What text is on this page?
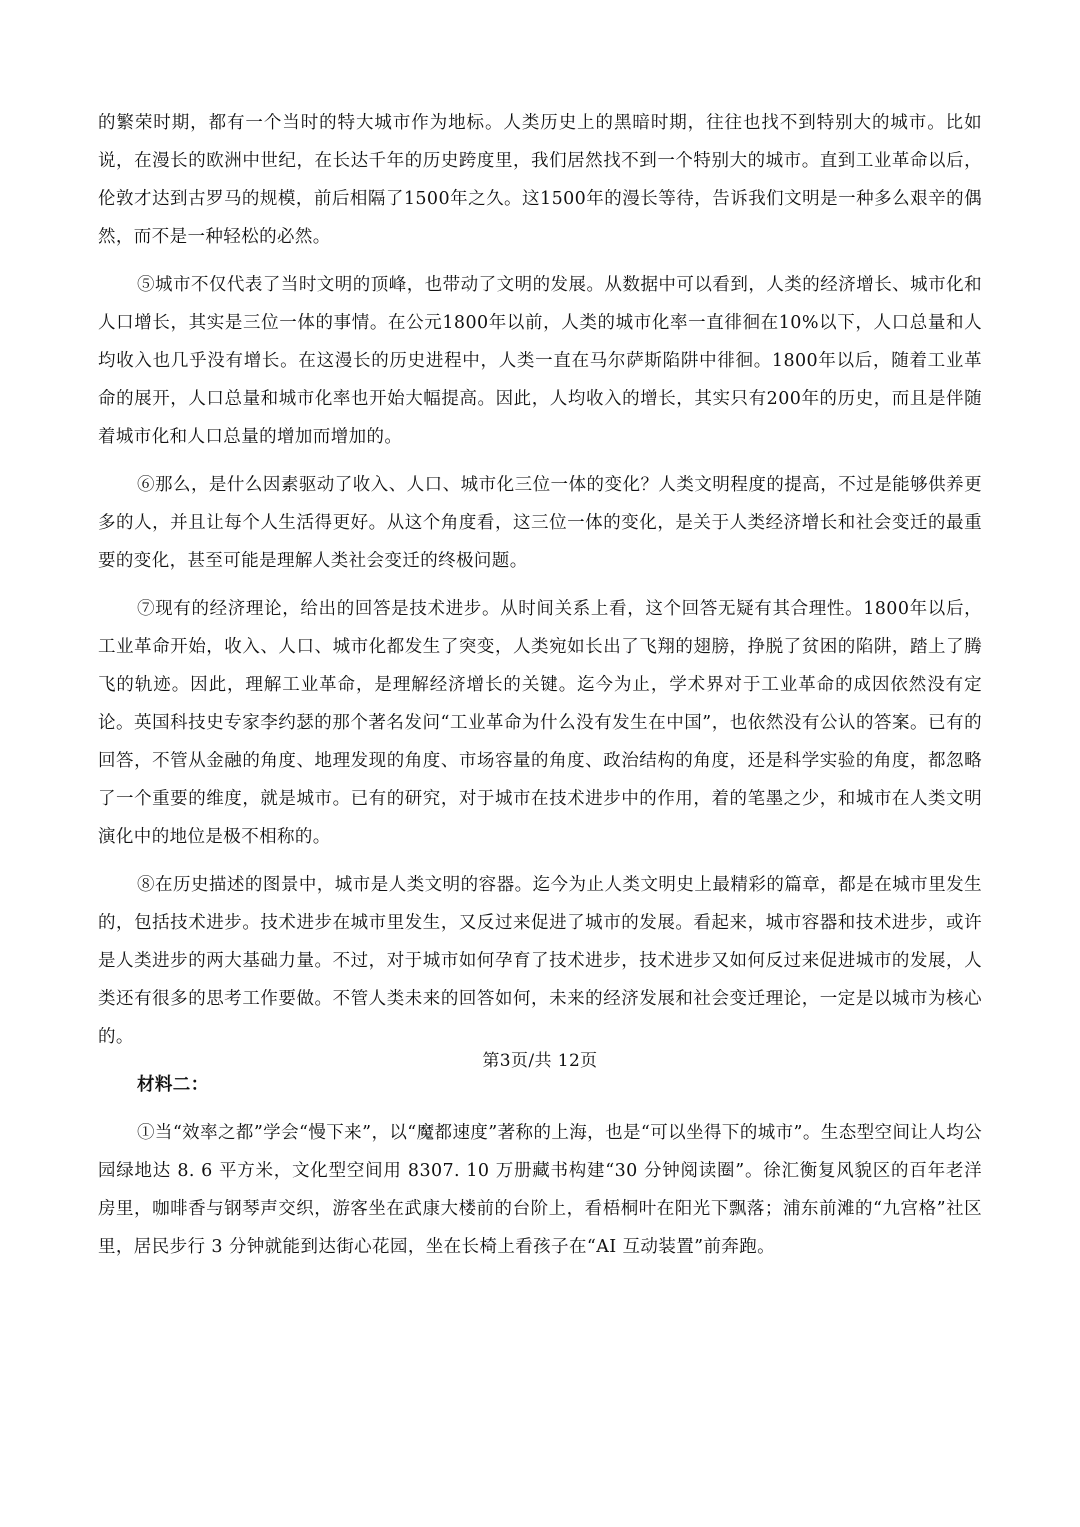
的繁荣时期，都有一个当时的特大城市作为地标。人类历史上的黑暗时期，往往也找不到特别大的城市。比如说，在漫长的欧洲中世纪，在长达千年的历史跨度里，我们居然找不到一个特别大的城市。直到工业革命以后，伦敦才达到古罗马的规模，前后相隔了1500年之久。这1500年的漫长等待，告诉我们文明是一种多么艰辛的偶然，而不是一种轻松的必然。

⑤城市不仅代表了当时文明的顶峰，也带动了文明的发展。从数据中可以看到，人类的经济增长、城市化和人口增长，其实是三位一体的事情。在公元1800年以前，人类的城市化率一直徘徊在10%以下，人口总量和人均收入也几乎没有增长。在这漫长的历史进程中，人类一直在马尔萨斯陷阱中徘徊。1800年以后，随着工业革命的展开，人口总量和城市化率也开始大幅提高。因此，人均收入的增长，其实只有200年的历史，而且是伴随着城市化和人口总量的增加而增加的。

⑥那么，是什么因素驱动了收入、人口、城市化三位一体的变化？人类文明程度的提高，不过是能够供养更多的人，并且让每个人生活得更好。从这个角度看，这三位一体的变化，是关于人类经济增长和社会变迁的最重要的变化，甚至可能是理解人类社会变迁的终极问题。

⑦现有的经济理论，给出的回答是技术进步。从时间关系上看，这个回答无疑有其合理性。1800年以后，工业革命开始，收入、人口、城市化都发生了突变，人类宛如长出了飞翔的翅膀，挣脱了贫困的陷阱，踏上了腾飞的轨迹。因此，理解工业革命，是理解经济增长的关键。迄今为止，学术界对于工业革命的成因依然没有定论。英国科技史专家李约瑟的那个著名发问“工业革命为什么没有发生在中国”，也依然没有公认的答案。已有的回答，不管从金融的角度、地理发现的角度、市场容量的角度、政治结构的角度，还是科学实验的角度，都忽略了一个重要的维度，就是城市。已有的研究，对于城市在技术进步中的作用，着的笔墨之少，和城市在人类文明演化中的地位是极不相称的。

⑧在历史描述的图景中，城市是人类文明的容器。迄今为止人类文明史上最精彩的篇章，都是在城市里发生的，包括技术进步。技术进步在城市里发生，又反过来促进了城市的发展。看起来，城市容器和技术进步，或许是人类进步的两大基础力量。不过，对于城市如何孕育了技术进步，技术进步又如何反过来促进城市的发展，人类还有很多的思考工作要做。不管人类未来的回答如何，未来的经济发展和社会变迁理论，一定是以城市为核心的。

材料二：

①当“效率之都”学会“慢下来”，以“魔都速度”著称的上海，也是“可以坐得下的城市”。生态型空间让人均公园绿地达 8. 6 平方米，文化型空间用 8307. 10 万册藏书构建“30 分钟阅读圈”。徐汇衡复风貌区的百年老洋房里，咖啡香与钢琴声交织，游客坐在武康大楼前的台阶上，看梧桐叶在阳光下飘落；浦东前滩的“九宫格”社区里，居民步行 3 分钟就能到达街心花园，坐在长椅上看孩子在“AI 互动装置”前奔跑。

第3页/共 12页
